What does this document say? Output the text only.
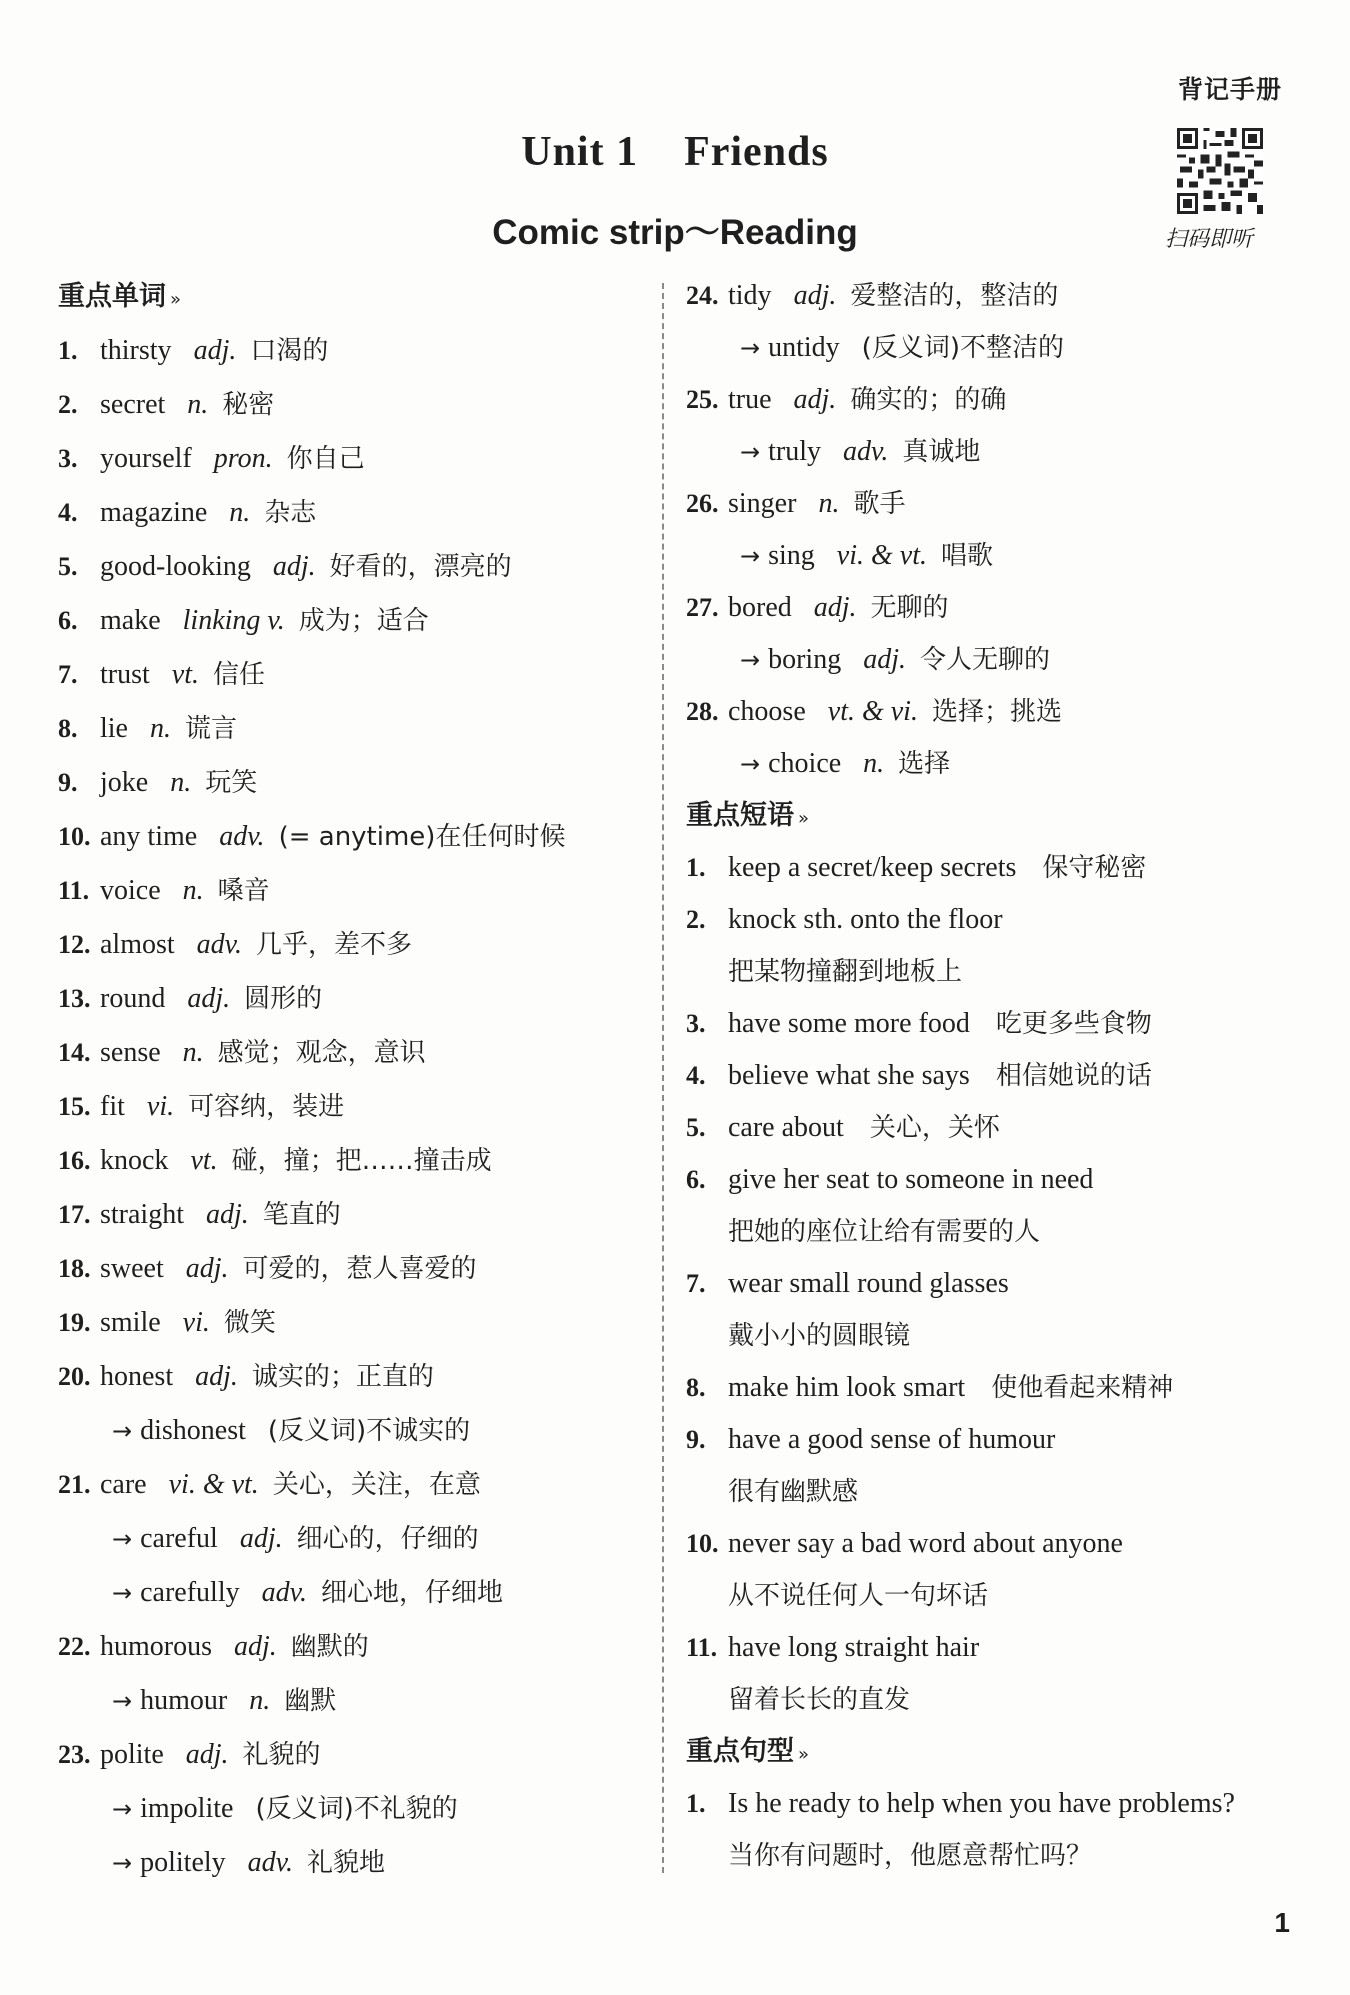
背记手册
Unit 1 Friends
Comic strip～Reading	扫码即听
重点单词 »
1. thirsty adj. 口渴的
2. secret n. 秘密
3. yourself pron. 你自己
4. magazine n. 杂志
5. good-looking adj. 好看的，漂亮的
6. make linking v. 成为；适合
7. trust vt. 信任
8. lie n. 谎言
9. joke n. 玩笑
10. any time adv. (= anytime)在任何时候
11. voice n. 嗓音
12. almost adv. 几乎，差不多
13. round adj. 圆形的
14. sense n. 感觉；观念，意识
15. fit vi. 可容纳，装进
16. knock vt. 碰，撞；把……撞击成
17. straight adj. 笔直的
18. sweet adj. 可爱的，惹人喜爱的
19. smile vi. 微笑
20. honest adj. 诚实的；正直的
→ dishonest (反义词)不诚实的
21. care vi. & vt. 关心，关注，在意
→ careful adj. 细心的，仔细的
→ carefully adv. 细心地，仔细地
22. humorous adj. 幽默的
→ humour n. 幽默
23. polite adj. 礼貌的
→ impolite (反义词)不礼貌的
→ politely adv. 礼貌地
24. tidy adj. 爱整洁的，整洁的
→ untidy (反义词)不整洁的
25. true adj. 确实的；的确
→ truly adv. 真诚地
26. singer n. 歌手
→ sing vi. & vt. 唱歌
27. bored adj. 无聊的
→ boring adj. 令人无聊的
28. choose vt. & vi. 选择；挑选
→ choice n. 选择
重点短语 »
1. keep a secret/keep secrets 保守秘密
2. knock sth. onto the floor
把某物撞翻到地板上
3. have some more food 吃更多些食物
4. believe what she says 相信她说的话
5. care about 关心，关怀
6. give her seat to someone in need
把她的座位让给有需要的人
7. wear small round glasses
戴小小的圆眼镜
8. make him look smart 使他看起来精神
9. have a good sense of humour
很有幽默感
10. never say a bad word about anyone
从不说任何人一句坏话
11. have long straight hair
留着长长的直发
重点句型 »
1. Is he ready to help when you have problems?
当你有问题时，他愿意帮忙吗？
1
